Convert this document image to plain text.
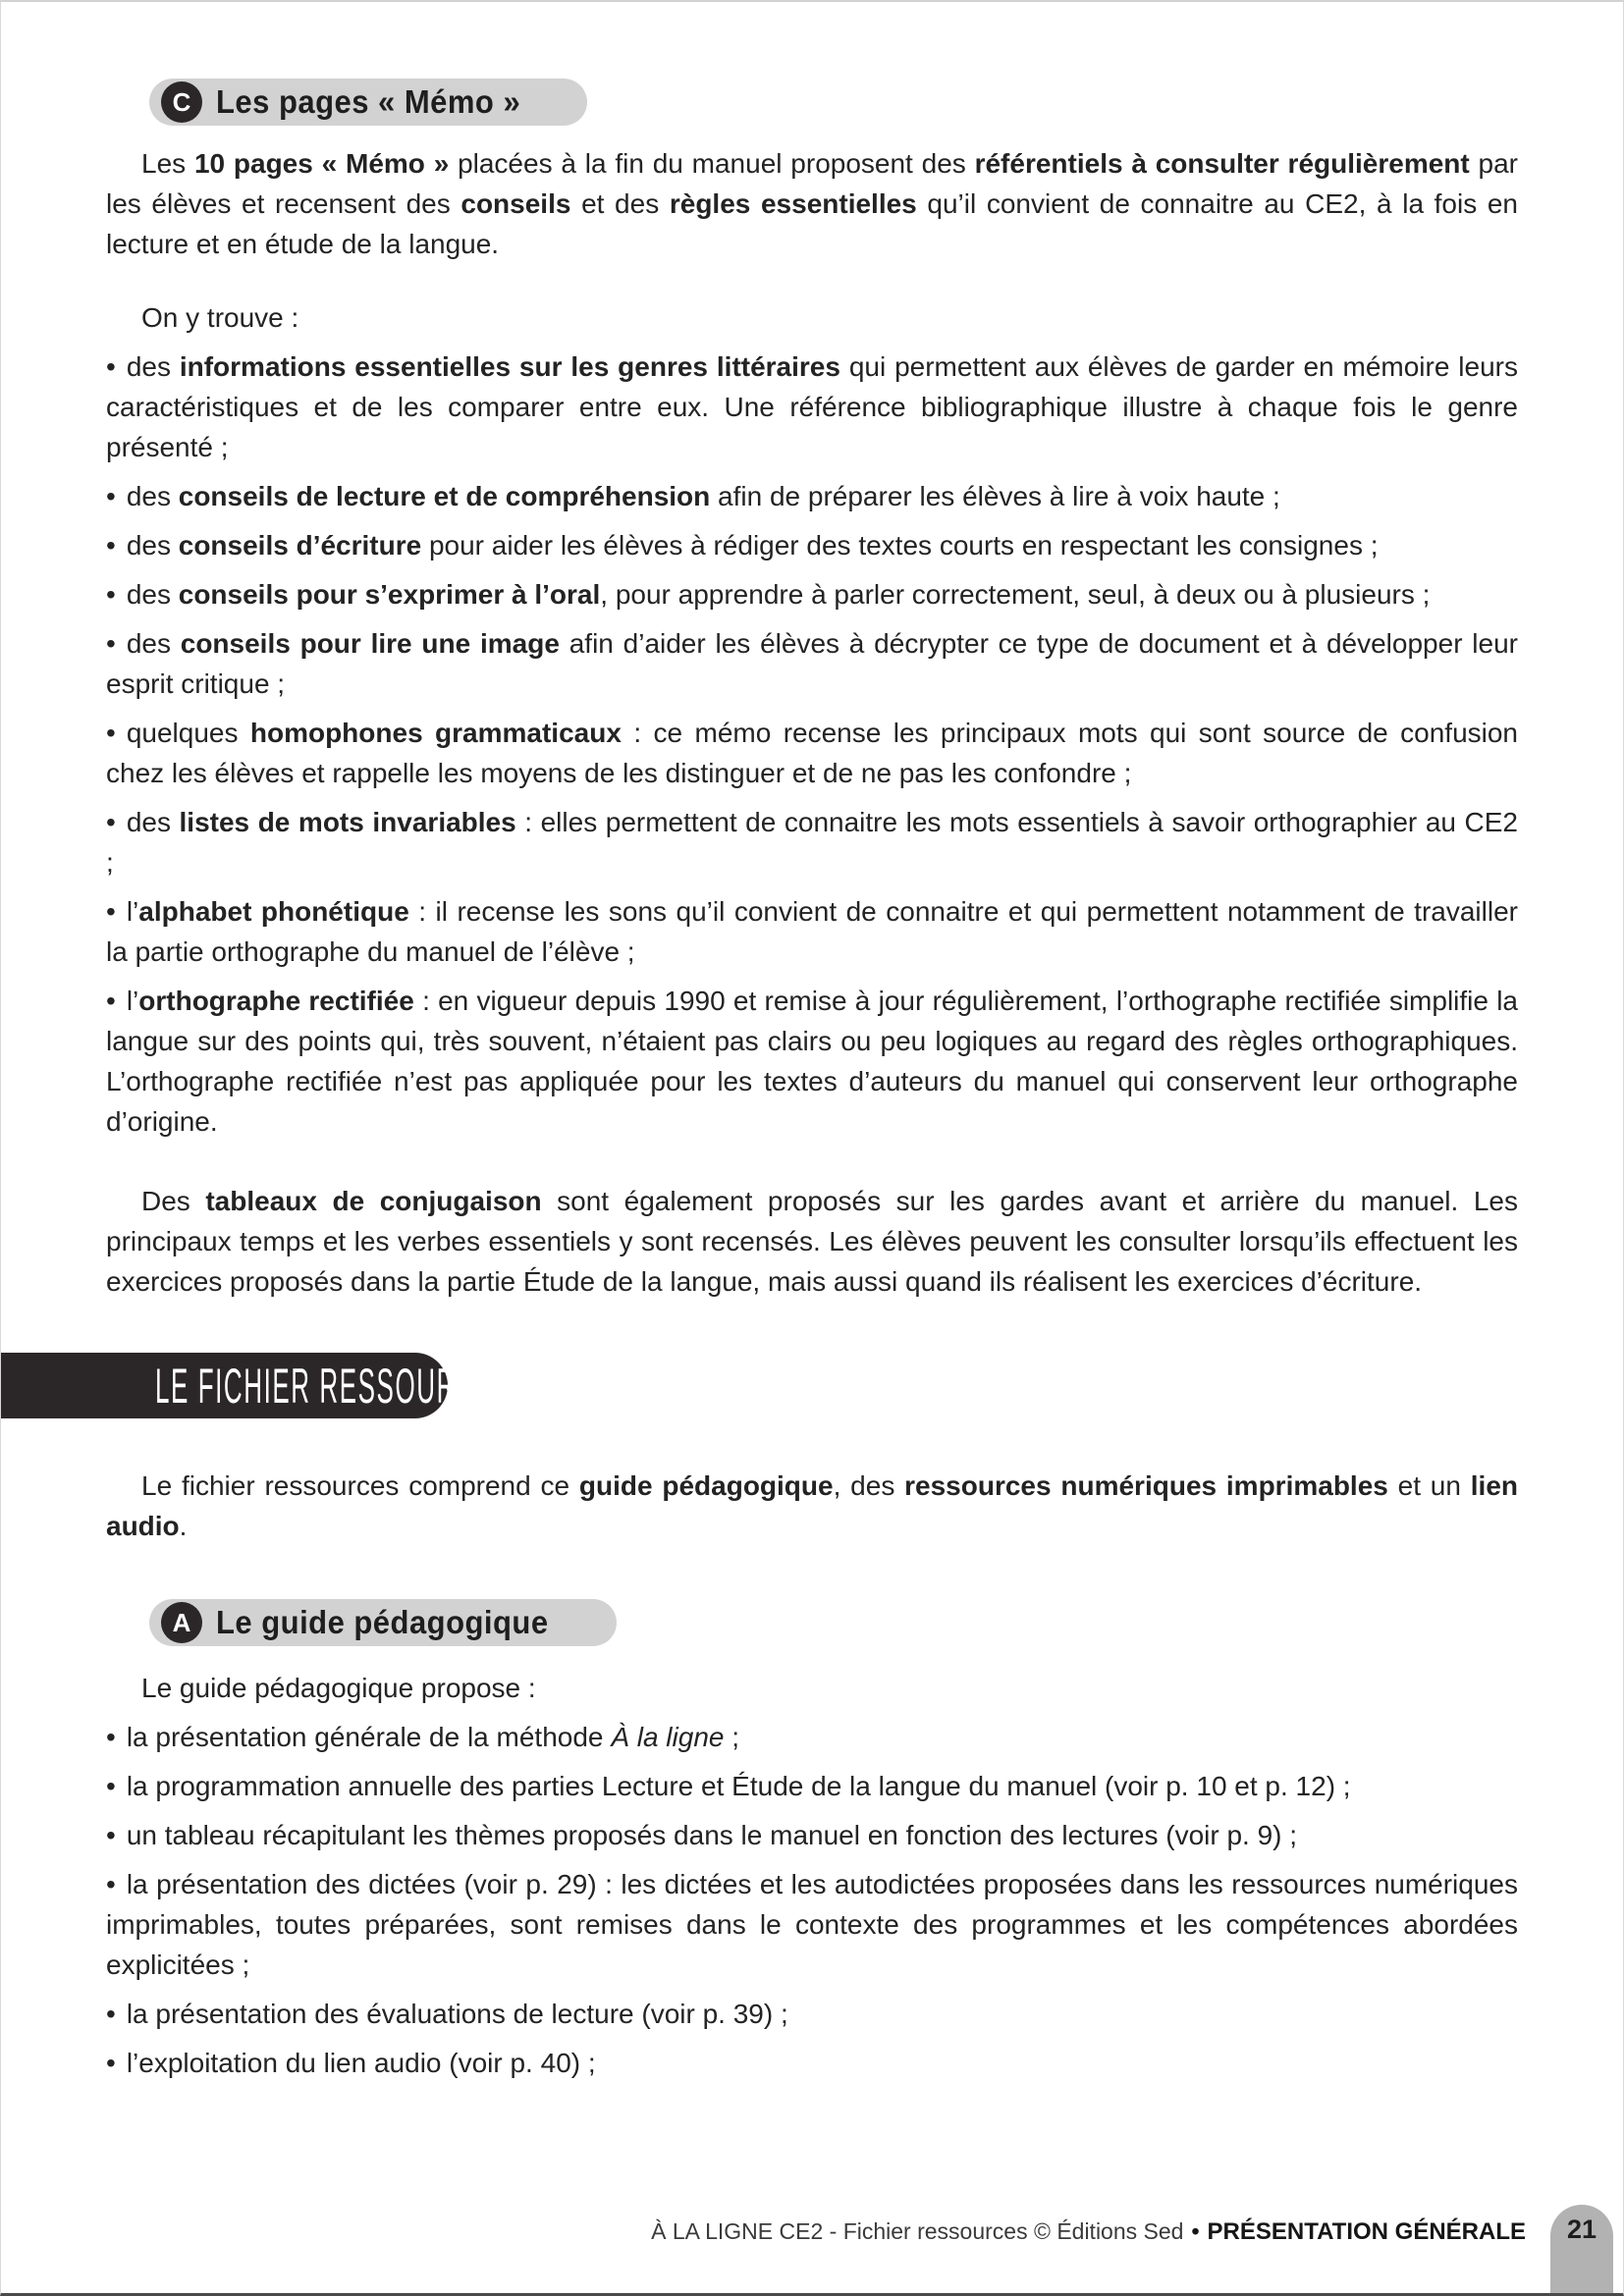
C Les pages « Mémo »

Les 10 pages « Mémo » placées à la fin du manuel proposent des référentiels à consulter régulièrement par les élèves et recensent des conseils et des règles essentielles qu’il convient de connaitre au CE2, à la fois en lecture et en étude de la langue.

On y trouve :

• des informations essentielles sur les genres littéraires qui permettent aux élèves de garder en mémoire leurs caractéristiques et de les comparer entre eux. Une référence bibliographique illustre à chaque fois le genre présenté ;

• des conseils de lecture et de compréhension afin de préparer les élèves à lire à voix haute ;

• des conseils d’écriture pour aider les élèves à rédiger des textes courts en respectant les consignes ;

• des conseils pour s’exprimer à l’oral, pour apprendre à parler correctement, seul, à deux ou à plusieurs ;

• des conseils pour lire une image afin d’aider les élèves à décrypter ce type de document et à développer leur esprit critique ;

• quelques homophones grammaticaux : ce mémo recense les principaux mots qui sont source de confusion chez les élèves et rappelle les moyens de les distinguer et de ne pas les confondre ;

• des listes de mots invariables : elles permettent de connaitre les mots essentiels à savoir orthographier au CE2 ;

• l’alphabet phonétique : il recense les sons qu’il convient de connaitre et qui permettent notamment de travailler la partie orthographe du manuel de l’élève ;

• l’orthographe rectifiée : en vigueur depuis 1990 et remise à jour régulièrement, l’orthographe rectifiée simplifie la langue sur des points qui, très souvent, n’étaient pas clairs ou peu logiques au regard des règles orthographiques. L’orthographe rectifiée n’est pas appliquée pour les textes d’auteurs du manuel qui conservent leur orthographe d’origine.

Des tableaux de conjugaison sont également proposés sur les gardes avant et arrière du manuel. Les principaux temps et les verbes essentiels y sont recensés. Les élèves peuvent les consulter lorsqu’ils effectuent les exercices proposés dans la partie Étude de la langue, mais aussi quand ils réalisent les exercices d’écriture.

LE FICHIER RESSOURCES

Le fichier ressources comprend ce guide pédagogique, des ressources numériques imprimables et un lien audio.

A Le guide pédagogique

Le guide pédagogique propose :

• la présentation générale de la méthode À la ligne ;

• la programmation annuelle des parties Lecture et Étude de la langue du manuel (voir p. 10 et p. 12) ;

• un tableau récapitulant les thèmes proposés dans le manuel en fonction des lectures (voir p. 9) ;

• la présentation des dictées (voir p. 29) : les dictées et les autodictées proposées dans les ressources numériques imprimables, toutes préparées, sont remises dans le contexte des programmes et les compétences abordées explicitées ;

• la présentation des évaluations de lecture (voir p. 39) ;

• l’exploitation du lien audio (voir p. 40) ;

À LA LIGNE CE2 - Fichier ressources © Éditions Sed • PRÉSENTATION GÉNÉRALE	21
